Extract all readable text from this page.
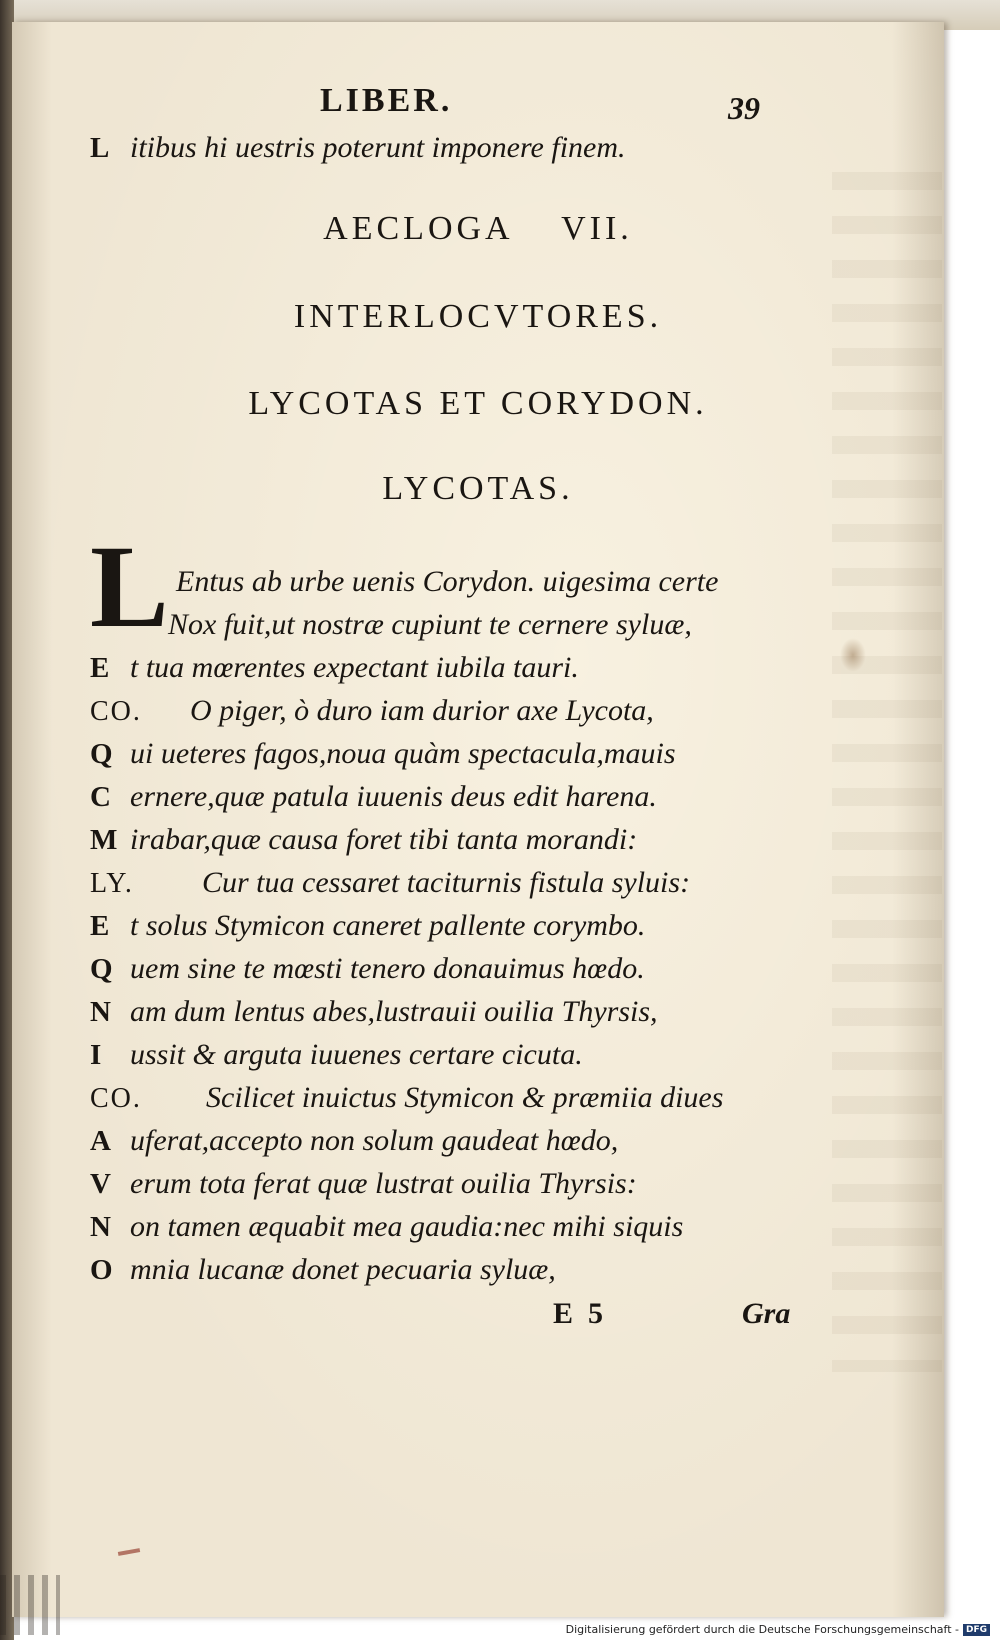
LIBER.	39
L itibus hi uestris poterunt imponere finem.
AECLOGA    VII.
INTERLOCVTORES.
LYCOTAS ET CORYDON.
LYCOTAS.
L Entus ab urbe uenis Corydon. uigesima certe
Nox fuit,ut nostræ cupiunt te cernere syluæ,
E t tua mœrentes expectant iubila tauri.
CO. O piger, ò duro iam durior axe Lycota,
Q ui ueteres fagos,noua quàm spectacula,mauis
C ernere,quæ patula iuuenis deus edit harena.
M irabar,quæ causa foret tibi tanta morandi:
LY. Cur tua cessaret taciturnis fistula syluis:
E t solus Stymicon caneret pallente corymbo.
Q uem sine te mœsti tenero donauimus hœdo.
N am dum lentus abes,lustrauii ouilia Thyrsis,
I ussit & arguta iuuenes certare cicuta.
CO. Scilicet inuictus Stymicon & præmiia diues
A uferat,accepto non solum gaudeat hœdo,
V erum tota ferat quæ lustrat ouilia Thyrsis:
N on tamen æquabit mea gaudia:nec mihi siquis
O mnia lucanæ donet pecuaria syluæ,
E  5	Gra
Digitalisierung gefördert durch die Deutsche Forschungsgemeinschaft - DFG
